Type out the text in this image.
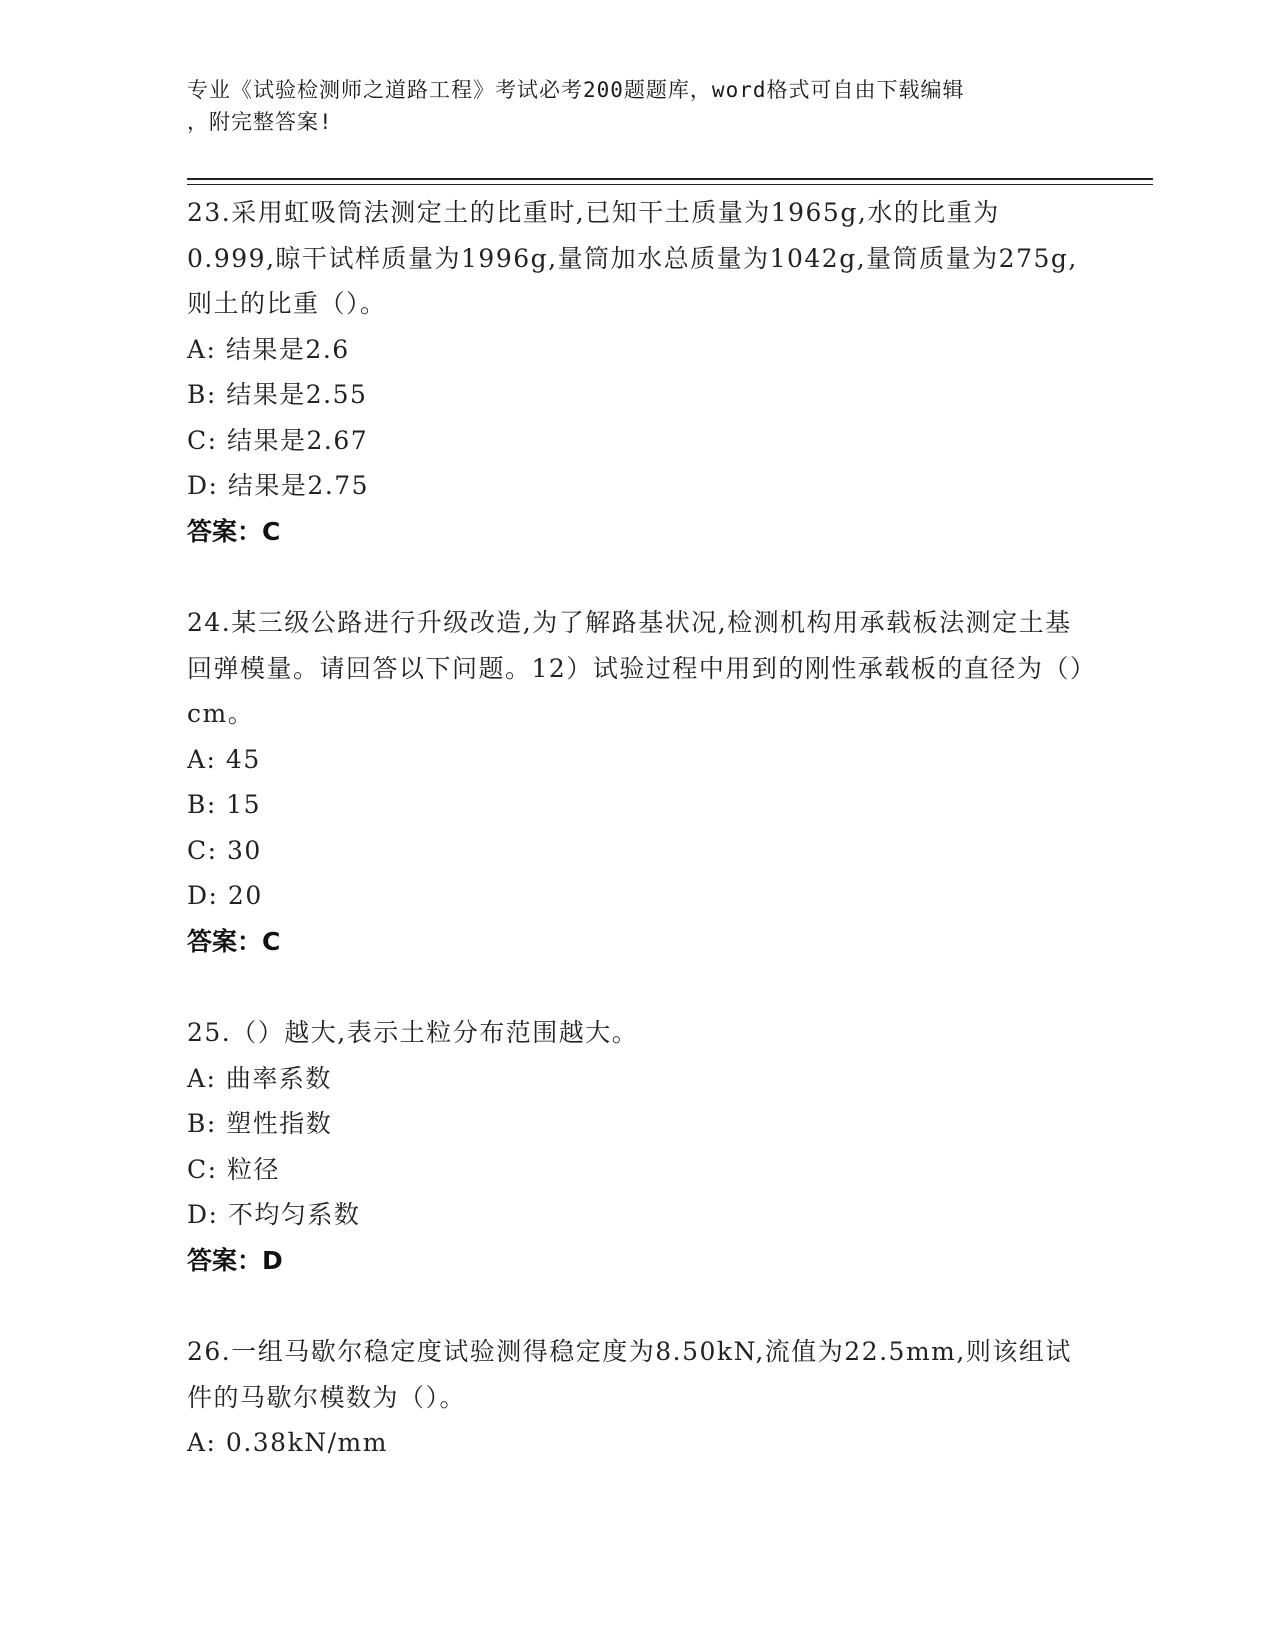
专业《试验检测师之道路工程》考试必考200题题库，word格式可自由下载编辑
，附完整答案!
23.采用虹吸筒法测定土的比重时,已知干土质量为1965g,水的比重为0.999,晾干试样质量为1996g,量筒加水总质量为1042g,量筒质量为275g,则土的比重（）。
A: 结果是2.6
B: 结果是2.55
C: 结果是2.67
D: 结果是2.75
答案：C
24.某三级公路进行升级改造,为了解路基状况,检测机构用承载板法测定土基回弹模量。请回答以下问题。12）试验过程中用到的刚性承载板的直径为（）cm。
A: 45
B: 15
C: 30
D: 20
答案：C
25.（）越大,表示土粒分布范围越大。
A: 曲率系数
B: 塑性指数
C: 粒径
D: 不均匀系数
答案：D
26.一组马歇尔稳定度试验测得稳定度为8.50kN,流值为22.5mm,则该组试件的马歇尔模数为（）。
A: 0.38kN/mm
